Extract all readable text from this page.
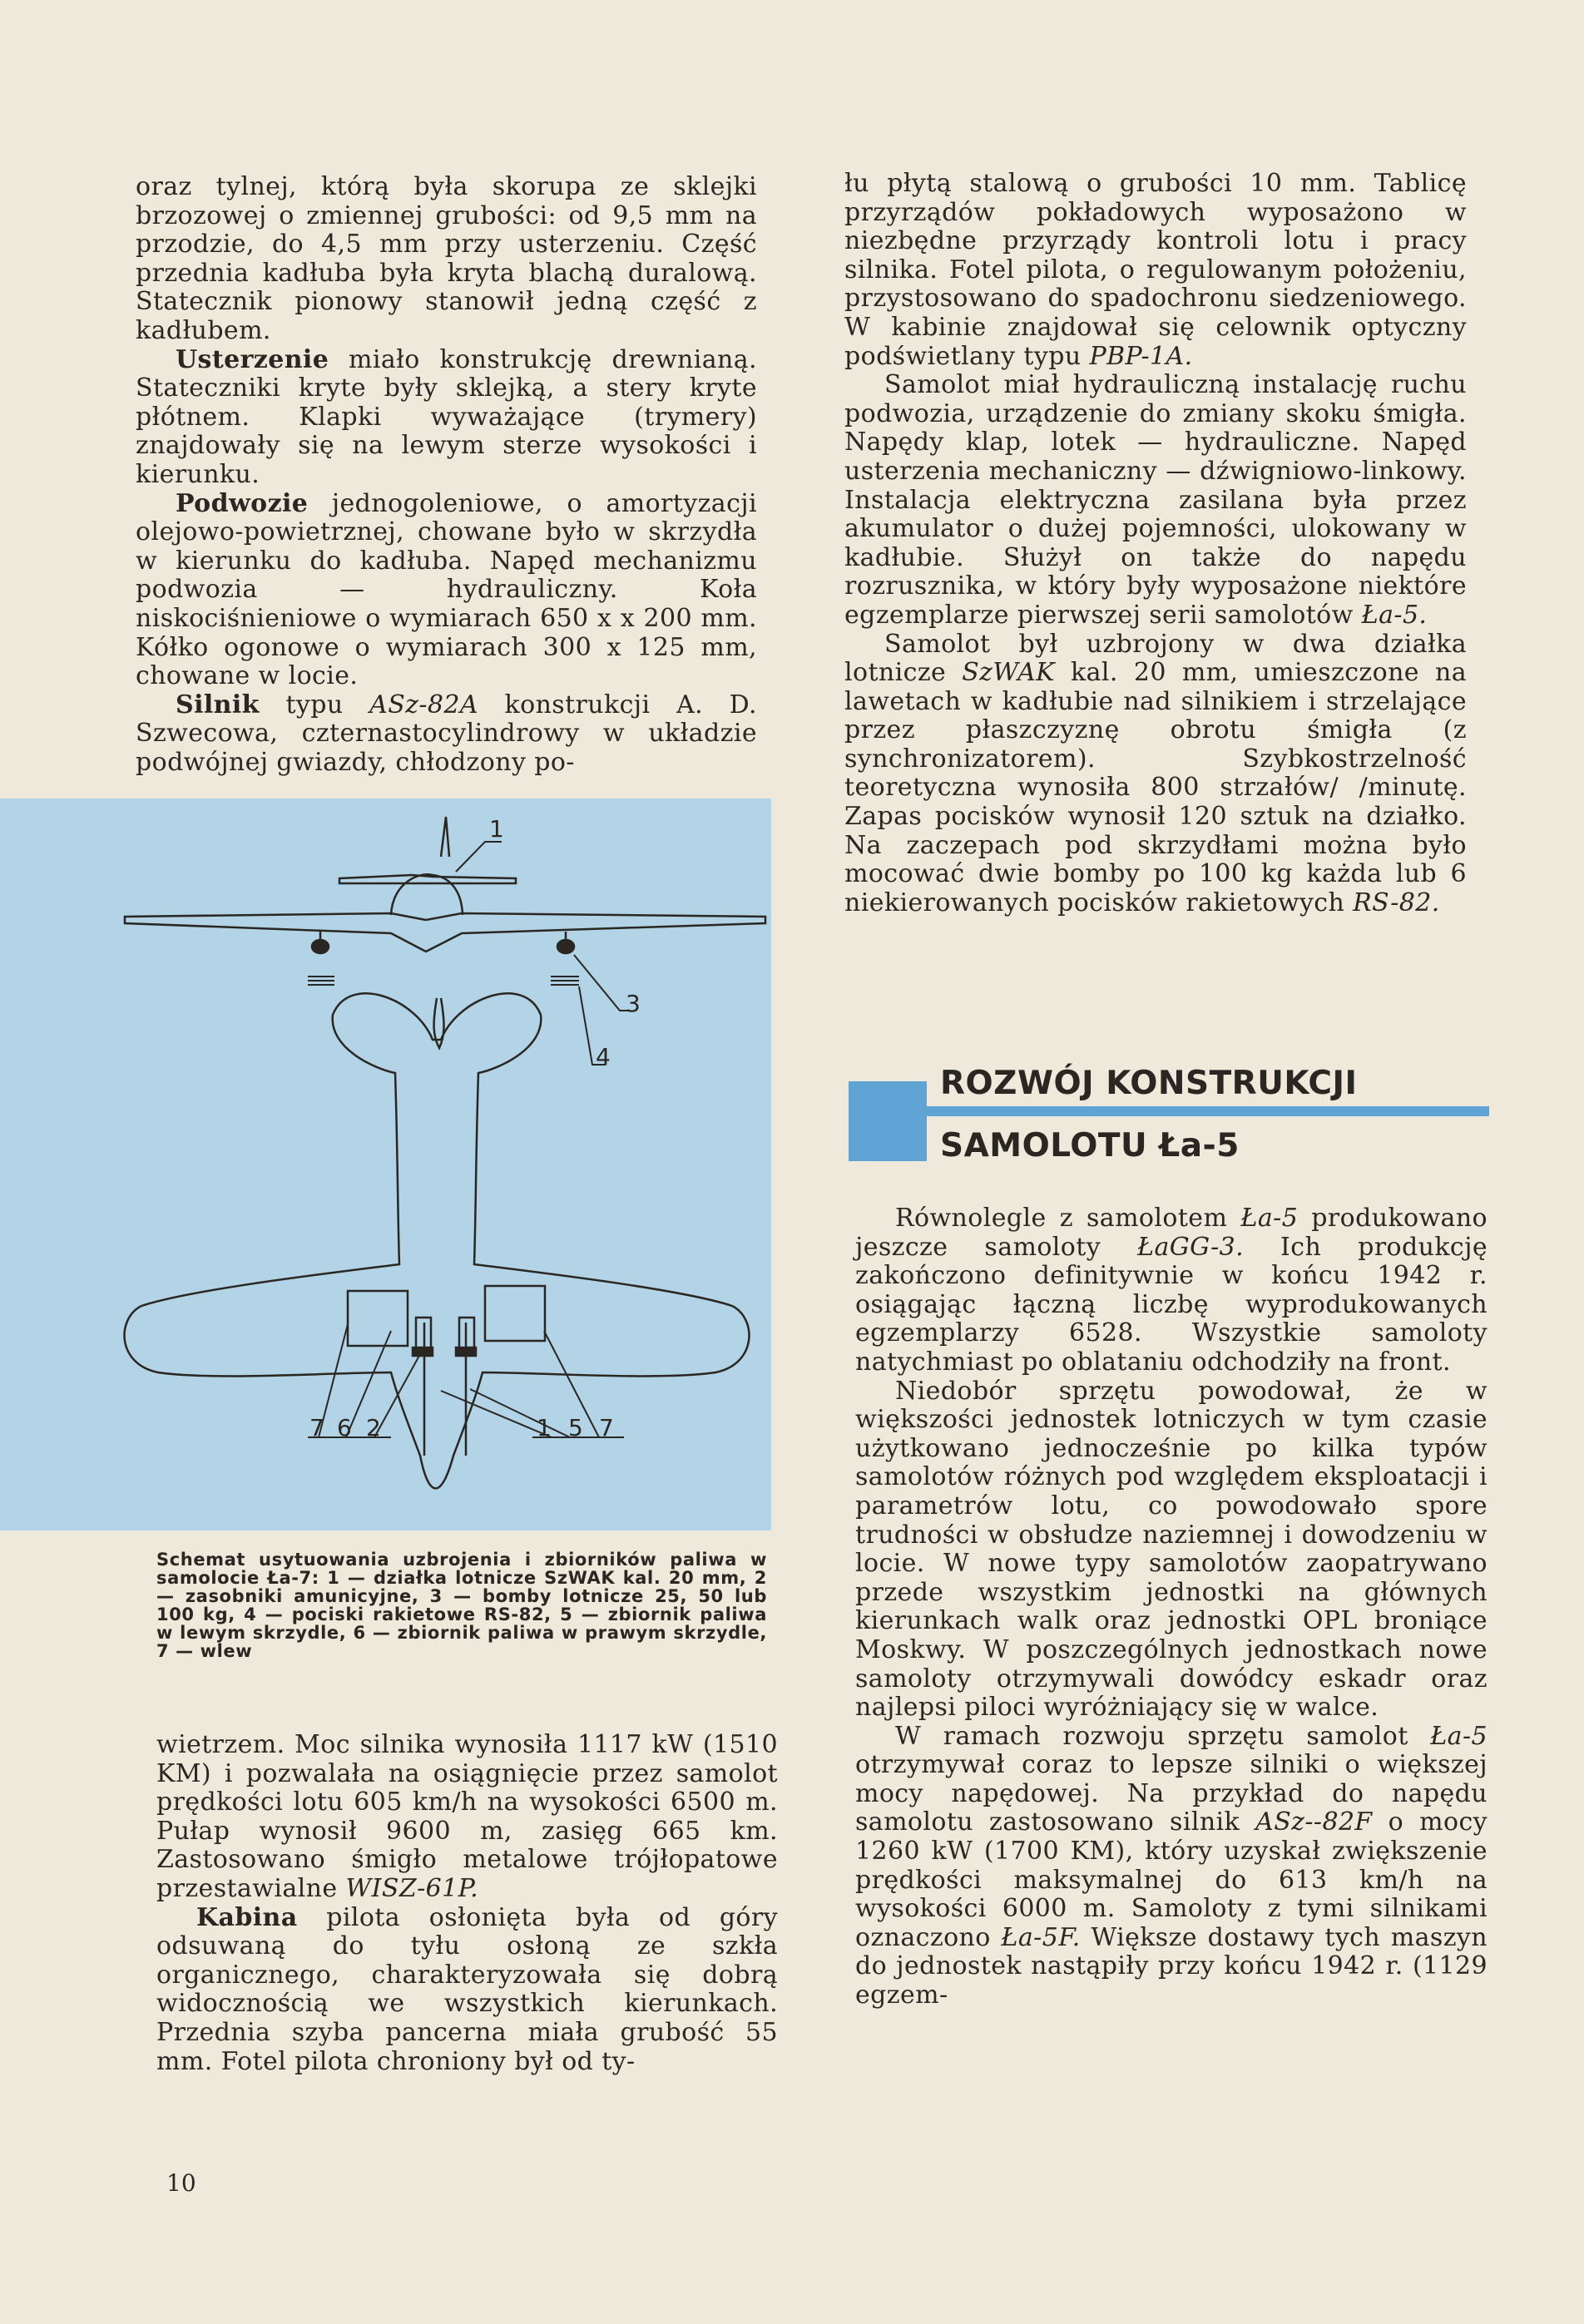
oraz tylnej, którą była skorupa ze sklejki brzozowej o zmiennej grubości: od 9,5 mm na przodzie, do 4,5 mm przy usterzeniu. Część przednia kadłuba była kryta blachą duralową. Statecznik pionowy stanowił jedną część z kadłubem.

Usterzenie miało konstrukcję drewnianą. Stateczniki kryte były sklejką, a stery kryte płótnem. Klapki wyważające (trymery) znajdowały się na lewym sterze wysokości i kierunku.

Podwozie jednogoleniowe, o amortyzacji olejowo-powietrznej, chowane było w skrzydła w kierunku do kadłuba. Napęd mechanizmu podwozia — hydrauliczny. Koła niskociśnieniowe o wymiarach 650 x x 200 mm. Kółko ogonowe o wymiarach 300 x 125 mm, chowane w locie.

Silnik typu ASz-82A konstrukcji A. D. Szwecowa, czternastocylindrowy w układzie podwójnej gwiazdy, chłodzony po-

1
3
4
7 6 2	1 5 7
Schemat usytuowania uzbrojenia i zbiorników paliwa w samolocie Ła-7: 1 — działka lotnicze SzWAK kal. 20 mm, 2 — zasobniki amunicyjne, 3 — bomby lotnicze 25, 50 lub 100 kg, 4 — pociski rakietowe RS-82, 5 — zbiornik paliwa w lewym skrzydle, 6 — zbiornik paliwa w prawym skrzydle, 7 — wlew

wietrzem. Moc silnika wynosiła 1117 kW (1510 KM) i pozwalała na osiągnięcie przez samolot prędkości lotu 605 km/h na wysokości 6500 m. Pułap wynosił 9600 m, zasięg 665 km. Zastosowano śmigło metalowe trójłopatowe przestawialne WISZ-61P.

Kabina pilota osłonięta była od góry odsuwaną do tyłu osłoną ze szkła organicznego, charakteryzowała się dobrą widocznością we wszystkich kierunkach. Przednia szyba pancerna miała grubość 55 mm. Fotel pilota chroniony był od ty-

łu płytą stalową o grubości 10 mm. Tablicę przyrządów pokładowych wyposażono w niezbędne przyrządy kontroli lotu i pracy silnika. Fotel pilota, o regulowanym położeniu, przystosowano do spadochronu siedzeniowego. W kabinie znajdował się celownik optyczny podświetlany typu PBP-1A.

Samolot miał hydrauliczną instalację ruchu podwozia, urządzenie do zmiany skoku śmigła. Napędy klap, lotek — hydrauliczne. Napęd usterzenia mechaniczny — dźwigniowo-linkowy. Instalacja elektryczna zasilana była przez akumulator o dużej pojemności, ulokowany w kadłubie. Służył on także do napędu rozrusznika, w który były wyposażone niektóre egzemplarze pierwszej serii samolotów Ła-5.

Samolot był uzbrojony w dwa działka lotnicze SzWAK kal. 20 mm, umieszczone na lawetach w kadłubie nad silnikiem i strzelające przez płaszczyznę obrotu śmigła (z synchronizatorem). Szybkostrzelność teoretyczna wynosiła 800 strzałów/ /minutę. Zapas pocisków wynosił 120 sztuk na działko. Na zaczepach pod skrzydłami można było mocować dwie bomby po 100 kg każda lub 6 niekierowanych pocisków rakietowych RS-82.

ROZWÓJ KONSTRUKCJI
SAMOLOTU Ła-5

Równolegle z samolotem Ła-5 produkowano jeszcze samoloty ŁaGG-3. Ich produkcję zakończono definitywnie w końcu 1942 r. osiągając łączną liczbę wyprodukowanych egzemplarzy 6528. Wszystkie samoloty natychmiast po oblataniu odchodziły na front.

Niedobór sprzętu powodował, że w większości jednostek lotniczych w tym czasie użytkowano jednocześnie po kilka typów samolotów różnych pod względem eksploatacji i parametrów lotu, co powodowało spore trudności w obsłudze naziemnej i dowodzeniu w locie. W nowe typy samolotów zaopatrywano przede wszystkim jednostki na głównych kierunkach walk oraz jednostki OPL broniące Moskwy. W poszczególnych jednostkach nowe samoloty otrzymywali dowódcy eskadr oraz najlepsi piloci wyróżniający się w walce.

W ramach rozwoju sprzętu samolot Ła-5 otrzymywał coraz to lepsze silniki o większej mocy napędowej. Na przykład do napędu samolotu zastosowano silnik ASz--82F o mocy 1260 kW (1700 KM), który uzyskał zwiększenie prędkości maksymalnej do 613 km/h na wysokości 6000 m. Samoloty z tymi silnikami oznaczono Ła-5F. Większe dostawy tych maszyn do jednostek nastąpiły przy końcu 1942 r. (1129 egzem-

10
